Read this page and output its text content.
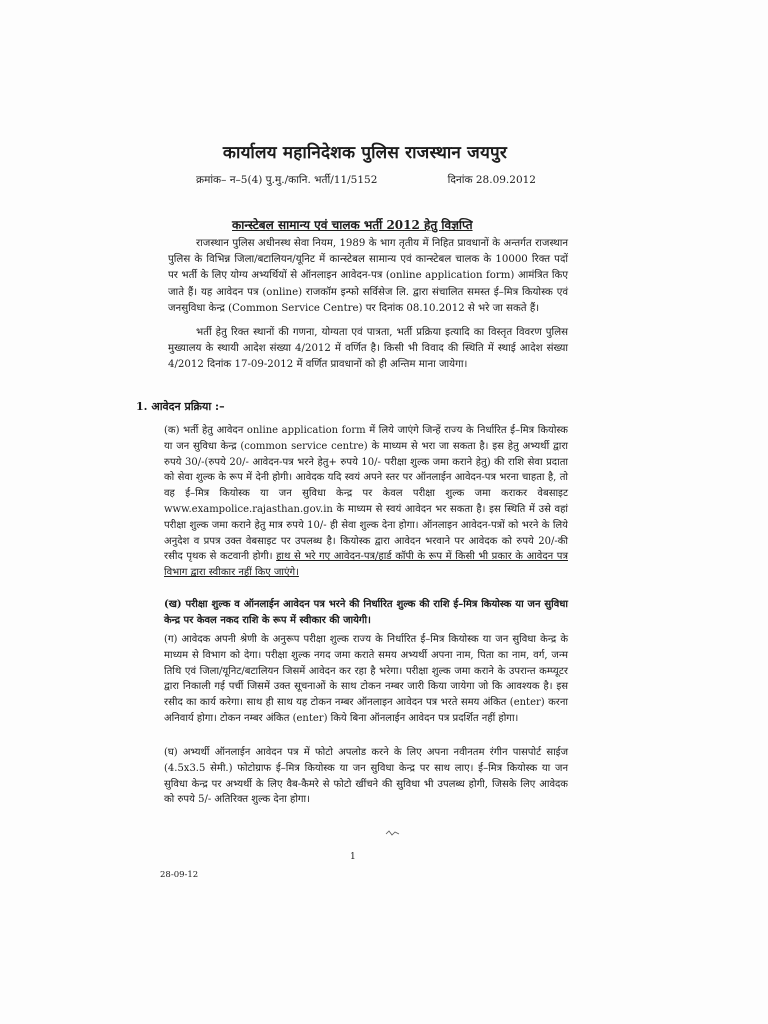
कार्यालय महानिदेशक पुलिस राजस्थान जयपुर
क्रमांक– न–5(4) पु.मु./कानि. भर्ती/11/5152	दिनांक 28.09.2012
कान्स्टेबल सामान्य एवं चालक भर्ती 2012 हेतु विज्ञप्ति
राजस्थान पुलिस अधीनस्थ सेवा नियम, 1989 के भाग तृतीय में निहित प्रावधानों के अन्तर्गत राजस्थान पुलिस के विभिन्न जिला/बटालियन/यूनिट में कान्स्टेबल सामान्य एवं कान्स्टेबल चालक के 10000 रिक्त पदों पर भर्ती के लिए योग्य अभ्यर्थियों से ऑनलाइन आवेदन-पत्र (online application form) आमंत्रित किए जाते हैं। यह आवेदन पत्र (online) राजकॉम इन्फो सर्विसेज लि. द्वारा संचालित समस्त ई–मित्र कियोस्क एवं जनसुविधा केन्द्र (Common Service Centre) पर दिनांक 08.10.2012 से भरे जा सकते हैं।
भर्ती हेतु रिक्त स्थानों की गणना, योग्यता एवं पात्रता, भर्ती प्रक्रिया इत्यादि का विस्तृत विवरण पुलिस मुख्यालय के स्थायी आदेश संख्या 4/2012 में वर्णित है। किसी भी विवाद की स्थिति में स्थाई आदेश संख्या 4/2012 दिनांक 17-09-2012 में वर्णित प्रावधानों को ही अन्तिम माना जायेगा।
1. आवेदन प्रक्रिया :–
(क) भर्ती हेतु आवेदन online application form में लिये जाएंगे जिन्हें राज्य के निर्धारित ई–मित्र कियोस्क या जन सुविधा केन्द्र (common service centre) के माध्यम से भरा जा सकता है। इस हेतु अभ्यर्थी द्वारा रुपये 30/-(रुपये 20/- आवेदन-पत्र भरने हेतु+ रुपये 10/- परीक्षा शुल्क जमा कराने हेतु) की राशि सेवा प्रदाता को सेवा शुल्क के रूप में देनी होगी। आवेदक यदि स्वयं अपने स्तर पर ऑनलाईन आवेदन-पत्र भरना चाहता है, तो वह ई–मित्र कियोस्क या जन सुविधा केन्द्र पर केवल परीक्षा शुल्क जमा कराकर वेबसाइट www.exampolice.rajasthan.gov.in के माध्यम से स्वयं आवेदन भर सकता है। इस स्थिति में उसे वहां परीक्षा शुल्क जमा कराने हेतु मात्र रुपये 10/- ही सेवा शुल्क देना होगा। ऑनलाइन आवेदन-पत्रों को भरने के लिये अनुदेश व प्रपत्र उक्त वेबसाइट पर उपलब्ध है। कियोस्क द्वारा आवेदन भरवाने पर आवेदक को रुपये 20/-की रसीद पृथक से कटवानी होगी। हाथ से भरे गए आवेदन-पत्र/हार्ड कॉपी के रूप में किसी भी प्रकार के आवेदन पत्र विभाग द्वारा स्वीकार नहीं किए जाएंगे।
(ख) परीक्षा शुल्क व ऑनलाईन आवेदन पत्र भरने की निर्धारित शुल्क की राशि ई–मित्र कियोस्क या जन सुविधा केन्द्र पर केवल नकद राशि के रूप में स्वीकार की जायेगी।
(ग) आवेदक अपनी श्रेणी के अनुरूप परीक्षा शुल्क राज्य के निर्धारित ई–मित्र कियोस्क या जन सुविधा केन्द्र के माध्यम से विभाग को देगा। परीक्षा शुल्क नगद जमा कराते समय अभ्यर्थी अपना नाम, पिता का नाम, वर्ग, जन्म तिथि एवं जिला/यूनिट/बटालियन जिसमें आवेदन कर रहा है भरेगा। परीक्षा शुल्क जमा कराने के उपरान्त कम्प्यूटर द्वारा निकाली गई पर्ची जिसमें उक्त सूचनाओं के साथ टोकन नम्बर जारी किया जायेगा जो कि आवश्यक है। इस रसीद का कार्य करेगा। साथ ही साथ यह टोकन नम्बर ऑनलाइन आवेदन पत्र भरते समय अंकित (enter) करना अनिवार्य होगा। टोकन नम्बर अंकित (enter) किये बिना ऑनलाईन आवेदन पत्र प्रदर्शित नहीं होगा।
(घ) अभ्यर्थी ऑनलाईन आवेदन पत्र में फोटो अपलोड करने के लिए अपना नवीनतम रंगीन पासपोर्ट साईज (4.5x3.5 सेमी.) फोटोग्राफ ई–मित्र कियोस्क या जन सुविधा केन्द्र पर साथ लाए। ई–मित्र कियोस्क या जन सुविधा केन्द्र पर अभ्यर्थी के लिए वैब-कैमरे से फोटो खींचने की सुविधा भी उपलब्ध होगी, जिसके लिए आवेदक को रुपये 5/- अतिरिक्त शुल्क देना होगा।
1
28-09-12
